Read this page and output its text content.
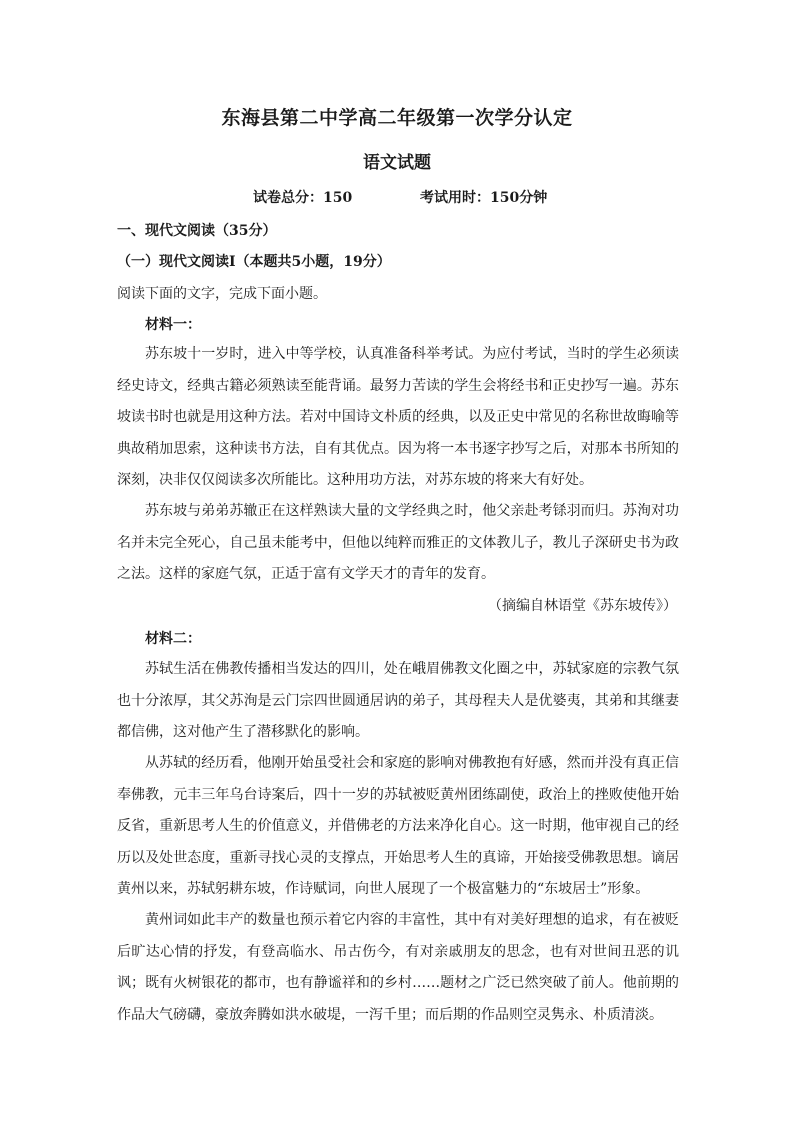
东海县第二中学高二年级第一次学分认定
语文试题
试卷总分：150	考试用时：150分钟
一、现代文阅读（35分）
（一）现代文阅读Ⅰ（本题共5小题，19分）
阅读下面的文字，完成下面小题。
材料一：
苏东坡十一岁时，进入中等学校，认真准备科举考试。为应付考试，当时的学生必须读经史诗文，经典古籍必须熟读至能背诵。最努力苦读的学生会将经书和正史抄写一遍。苏东坡读书时也就是用这种方法。若对中国诗文朴质的经典，以及正史中常见的名称世故晦喻等典故稍加思索，这种读书方法，自有其优点。因为将一本书逐字抄写之后，对那本书所知的深刻，决非仅仅阅读多次所能比。这种用功方法，对苏东坡的将来大有好处。
苏东坡与弟弟苏辙正在这样熟读大量的文学经典之时，他父亲赴考铩羽而归。苏洵对功名并未完全死心，自己虽未能考中，但他以纯粹而雅正的文体教儿子，教儿子深研史书为政之法。这样的家庭气氛，正适于富有文学天才的青年的发育。
（摘编自林语堂《苏东坡传》）
材料二：
苏轼生活在佛教传播相当发达的四川，处在峨眉佛教文化圈之中，苏轼家庭的宗教气氛也十分浓厚，其父苏洵是云门宗四世圆通居讷的弟子，其母程夫人是优婆夷，其弟和其继妻都信佛，这对他产生了潜移默化的影响。
从苏轼的经历看，他刚开始虽受社会和家庭的影响对佛教抱有好感，然而并没有真正信奉佛教，元丰三年乌台诗案后，四十一岁的苏轼被贬黄州团练副使，政治上的挫败使他开始反省，重新思考人生的价值意义，并借佛老的方法来净化自心。这一时期，他审视自己的经历以及处世态度，重新寻找心灵的支撑点，开始思考人生的真谛，开始接受佛教思想。谪居黄州以来，苏轼躬耕东坡，作诗赋词，向世人展现了一个极富魅力的“东坡居士”形象。
黄州词如此丰产的数量也预示着它内容的丰富性，其中有对美好理想的追求，有在被贬后旷达心情的抒发，有登高临水、吊古伤今，有对亲戚朋友的思念，也有对世间丑恶的讥讽；既有火树银花的都市，也有静谧祥和的乡村……题材之广泛已然突破了前人。他前期的作品大气磅礴，豪放奔腾如洪水破堤，一泻千里；而后期的作品则空灵隽永、朴质清淡。
